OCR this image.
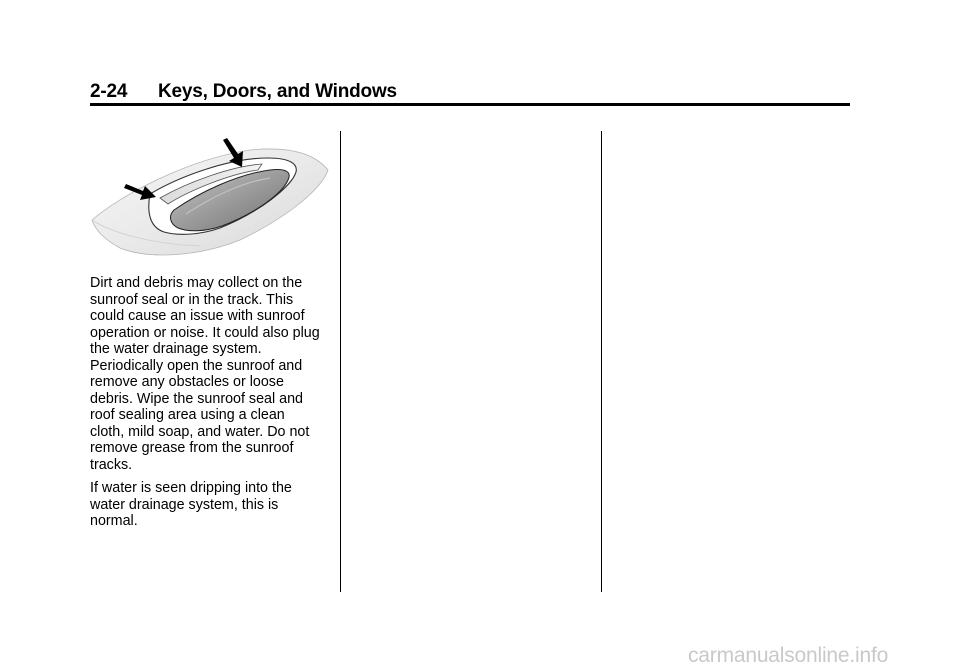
2-24 Keys, Doors, and Windows

Dirt and debris may collect on the
sunroof seal or in the track. This
could cause an issue with sunroof
operation or noise. It could also plug
the water drainage system.
Periodically open the sunroof and
remove any obstacles or loose
debris. Wipe the sunroof seal and
roof sealing area using a clean
cloth, mild soap, and water. Do not
remove grease from the sunroof
tracks.

If water is seen dripping into the
water drainage system, this is
normal.

carmanualsonline.info
